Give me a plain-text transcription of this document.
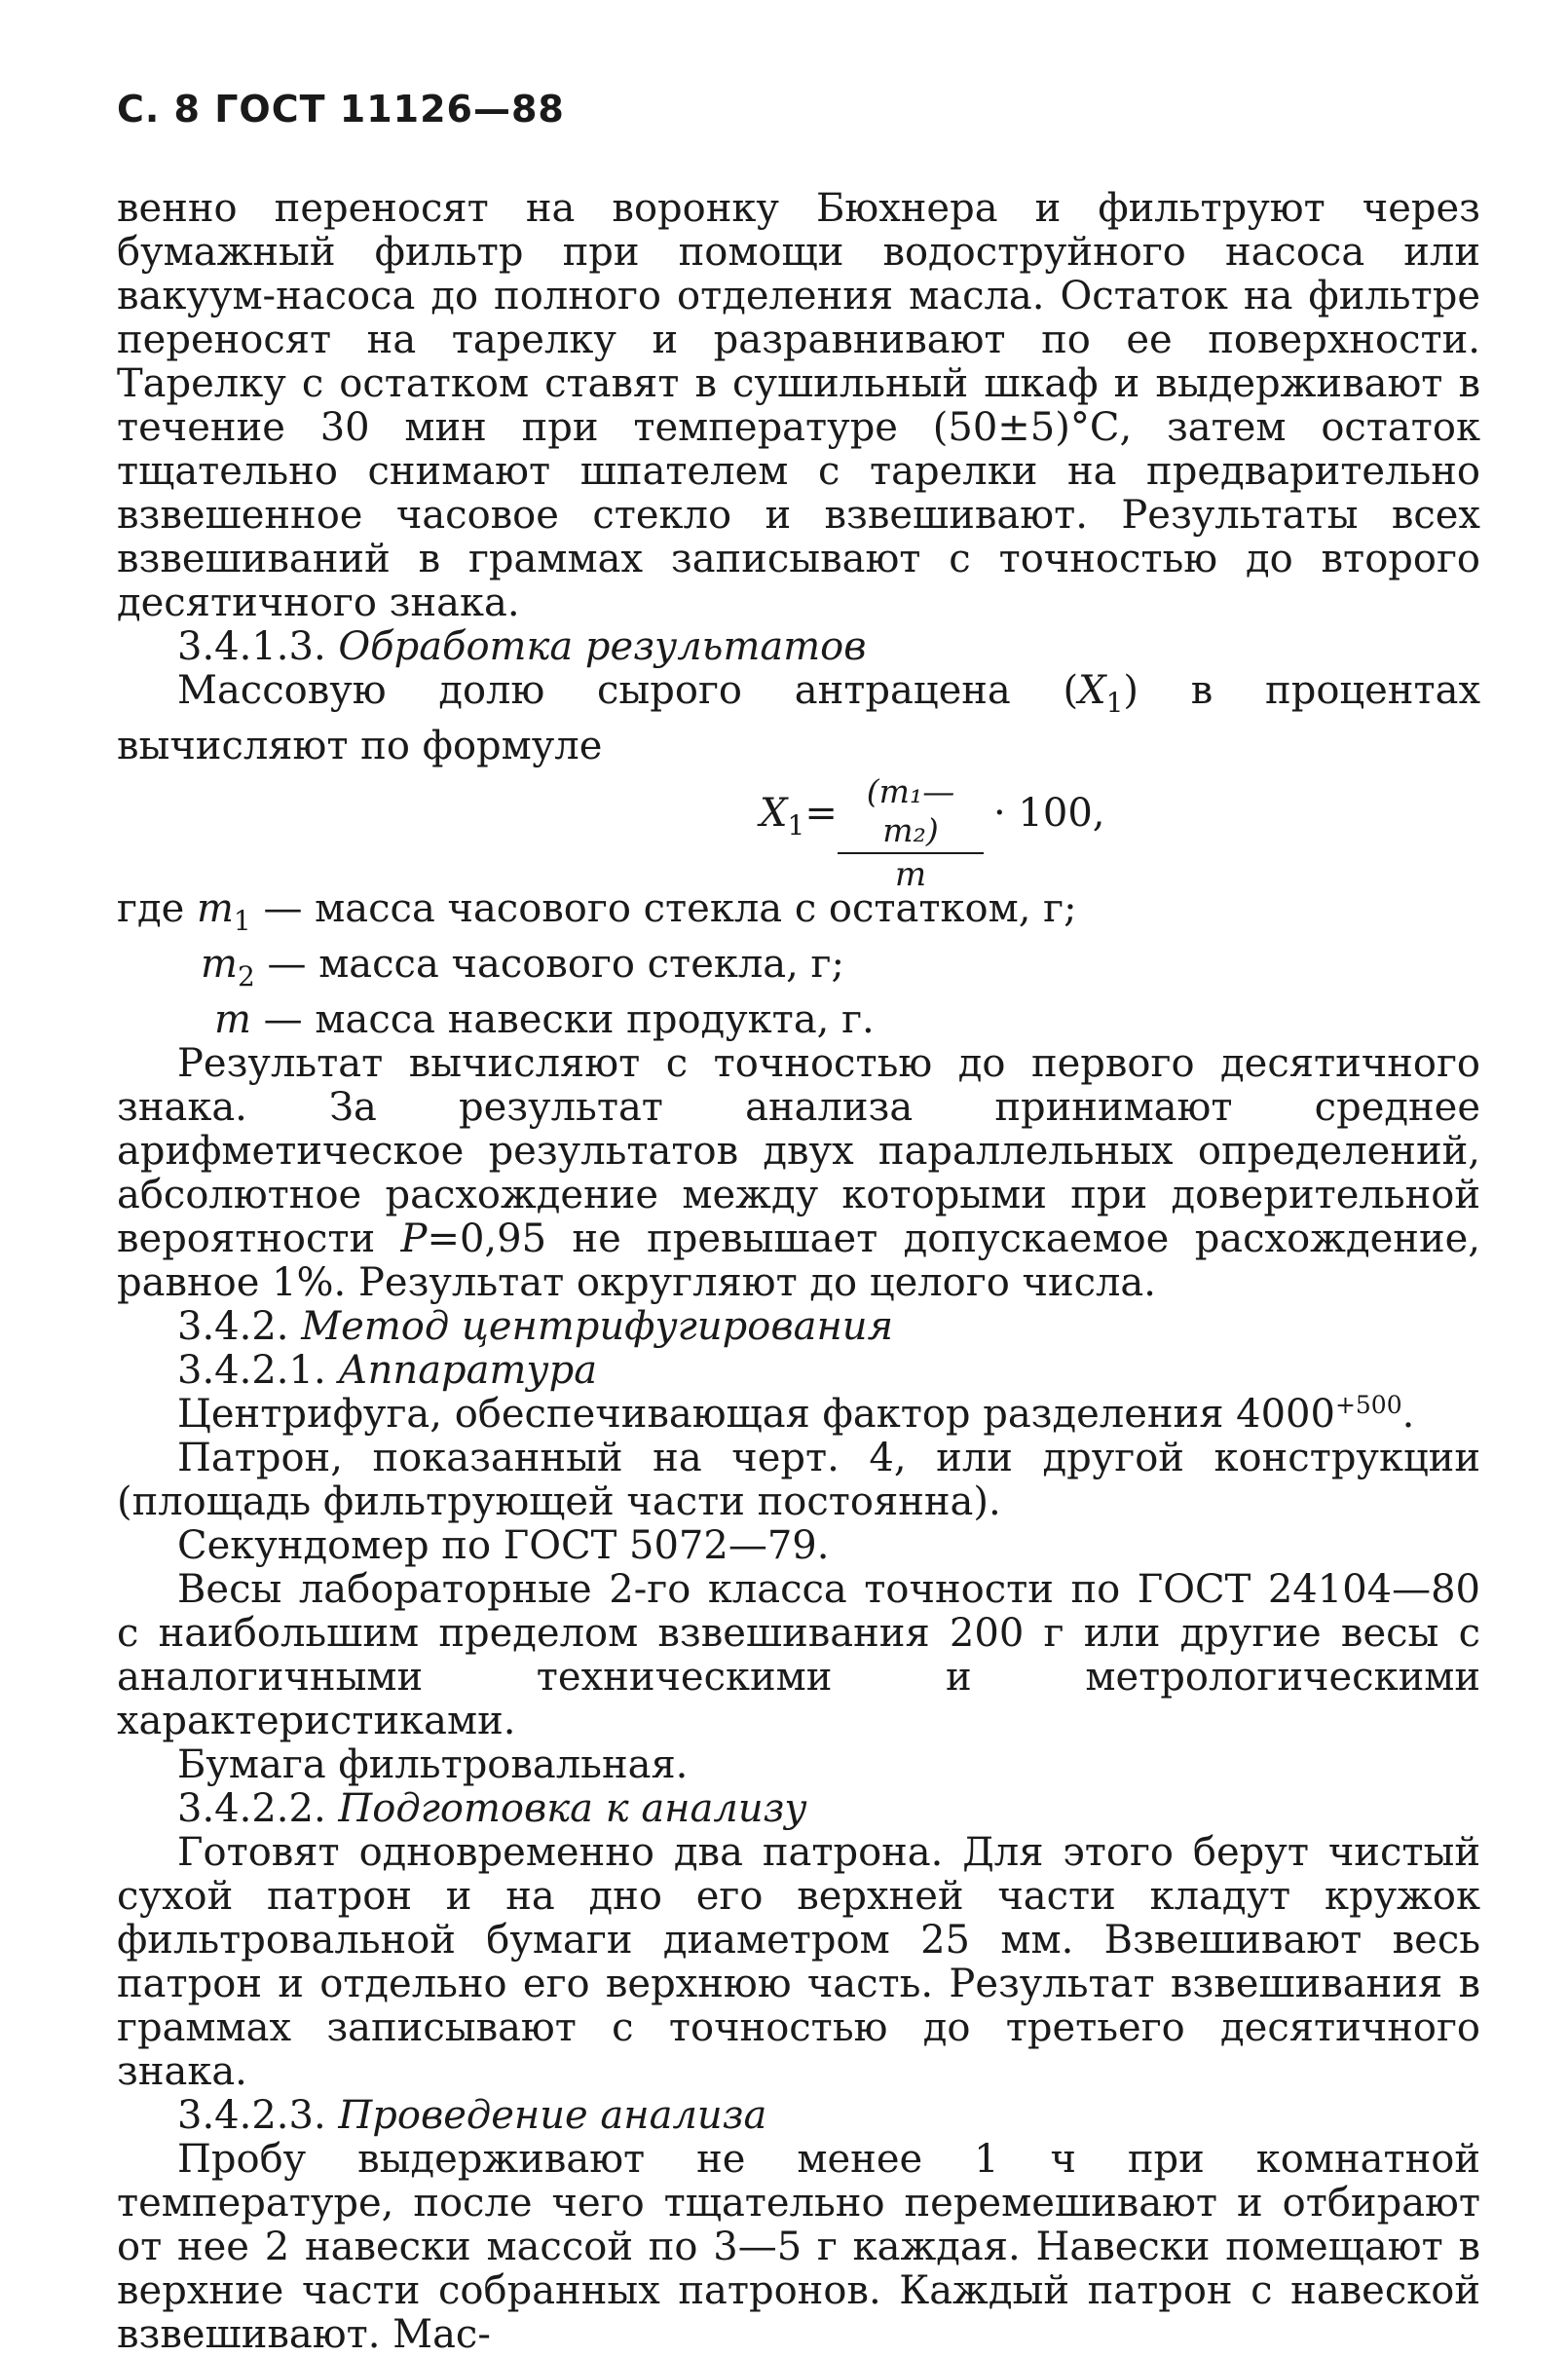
С. 8 ГОСТ 11126—88

венно переносят на воронку Бюхнера и фильтруют через бумажный фильтр при помощи водоструйного насоса или вакуум-насоса до полного отделения масла. Остаток на фильтре переносят на тарелку и разравнивают по ее поверхности. Тарелку с остатком ставят в сушильный шкаф и выдерживают в течение 30 мин при температуре (50±5)°С, затем остаток тщательно снимают шпателем с тарелки на предварительно взвешенное часовое стекло и взвешивают. Результаты всех взвешиваний в граммах записывают с точностью до второго десятичного знака.

3.4.1.3. Обработка результатов

Массовую долю сырого антрацена $(X_1)$ в процентах вычисляют по формуле

$X_1= \frac{\text{(m₁—m₂)}}{m} \cdot 100$,
где $m_1$ — масса часового стекла с остатком, г;
$m_2$ — масса часового стекла, г;
m — масса навески продукта, г.

Результат вычисляют с точностью до первого десятичного знака. За результат анализа принимают среднее арифметическое результатов двух параллельных определений, абсолютное расхождение между которыми при доверительной вероятности P=0,95 не превышает допускаемое расхождение, равное 1%. Результат округляют до целого числа.

3.4.2. Метод центрифугирования

3.4.2.1. Аппаратура

Центрифуга, обеспечивающая фактор разделения $4000^{+500}$.

Патрон, показанный на черт. 4, или другой конструкции (площадь фильтрующей части постоянна).

Секундомер по ГОСТ 5072—79.

Весы лабораторные 2-го класса точности по ГОСТ 24104—80 с наибольшим пределом взвешивания 200 г или другие весы с аналогичными техническими и метрологическими характеристиками.

Бумага фильтровальная.

3.4.2.2. Подготовка к анализу

Готовят одновременно два патрона. Для этого берут чистый сухой патрон и на дно его верхней части кладут кружок фильтровальной бумаги диаметром 25 мм. Взвешивают весь патрон и отдельно его верхнюю часть. Результат взвешивания в граммах записывают с точностью до третьего десятичного знака.

3.4.2.3. Проведение анализа

Пробу выдерживают не менее 1 ч при комнатной температуре, после чего тщательно перемешивают и отбирают от нее 2 навески массой по 3—5 г каждая. Навески помещают в верхние части собранных патронов. Каждый патрон с навеской взвешивают. Мас-
